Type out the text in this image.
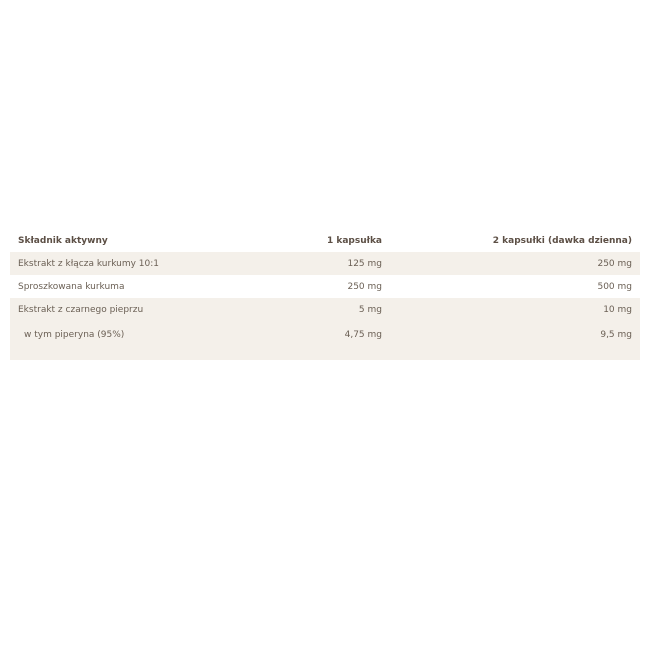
Składnik aktywny	1 kapsułka	2 kapsułki (dawka dzienna)
Ekstrakt z kłącza kurkumy 10:1	125 mg	250 mg
Sproszkowana kurkuma	250 mg	500 mg
Ekstrakt z czarnego pieprzu	5 mg	10 mg
w tym piperyna (95%)	4,75 mg	9,5 mg
